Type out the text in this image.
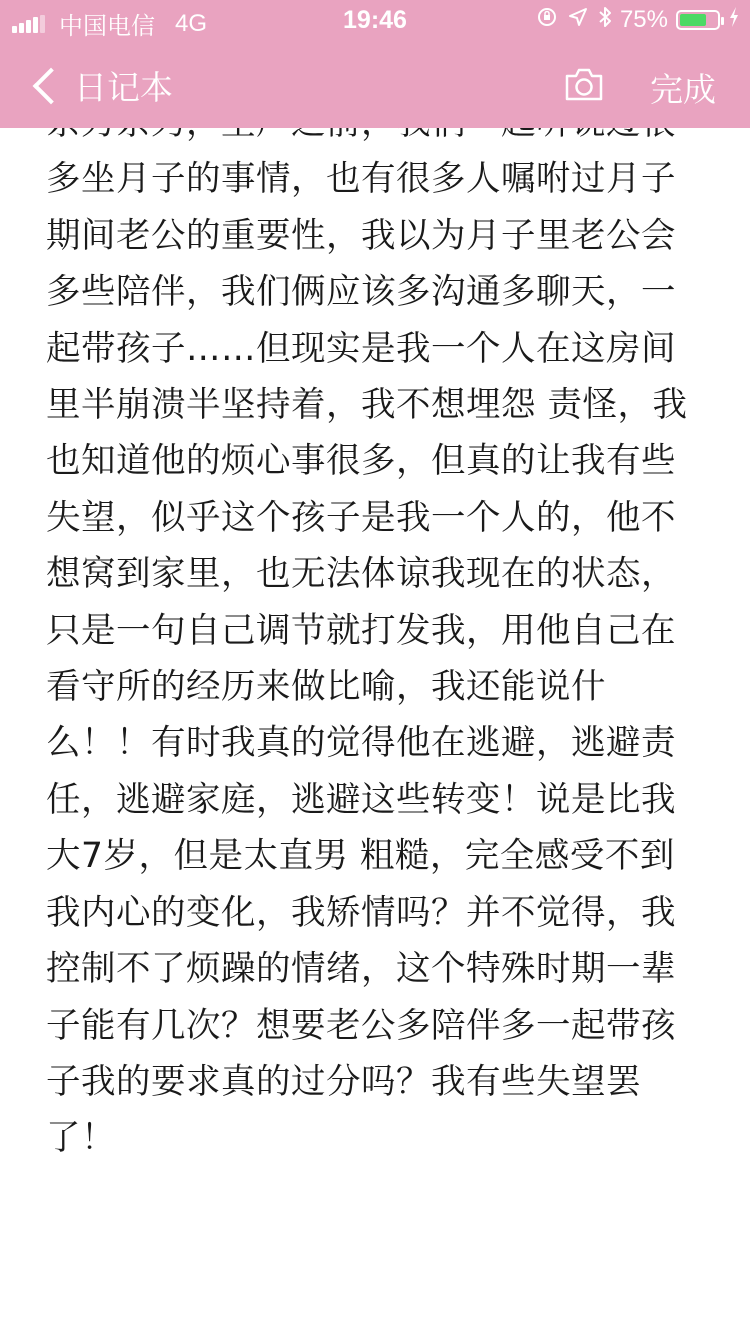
中国电信 4G	19:46	75%
日记本	完成
多坐月子的事情，也有很多人嘱咐过月子期间老公的重要性，我以为月子里老公会多些陪伴，我们俩应该多沟通多聊天，一起带孩子……但现实是我一个人在这房间里半崩溃半坚持着，我不想埋怨 责怪，我也知道他的烦心事很多，但真的让我有些失望，似乎这个孩子是我一个人的，他不想窝到家里，也无法体谅我现在的状态，只是一句自己调节就打发我，用他自己在看守所的经历来做比喻，我还能说什么！！有时我真的觉得他在逃避，逃避责任，逃避家庭，逃避这些转变！说是比我大7岁，但是太直男 粗糙，完全感受不到我内心的变化，我矫情吗？并不觉得，我控制不了烦躁的情绪，这个特殊时期一辈子能有几次？想要老公多陪伴多一起带孩子我的要求真的过分吗？我有些失望罢了！
